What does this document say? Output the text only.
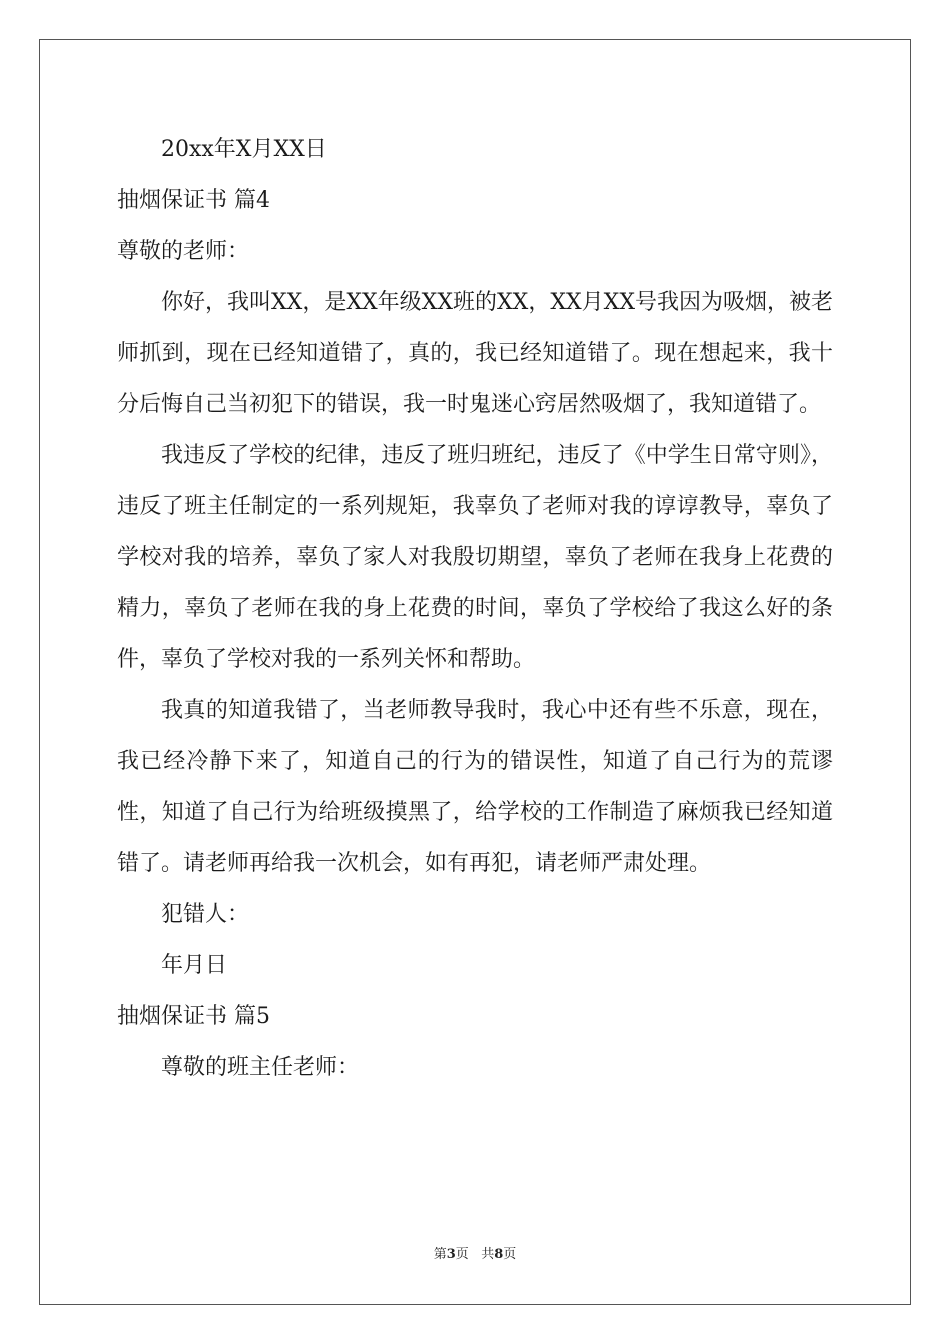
20xx年X月XX日
抽烟保证书 篇4
尊敬的老师：

你好，我叫XX，是XX年级XX班的XX，XX月XX号我因为吸烟，被老师抓到，现在已经知道错了，真的，我已经知道错了。现在想起来，我十分后悔自己当初犯下的错误，我一时鬼迷心窍居然吸烟了，我知道错了。

我违反了学校的纪律，违反了班归班纪，违反了《中学生日常守则》，违反了班主任制定的一系列规矩，我辜负了老师对我的谆谆教导，辜负了学校对我的培养，辜负了家人对我殷切期望，辜负了老师在我身上花费的精力，辜负了老师在我的身上花费的时间，辜负了学校给了我这么好的条件，辜负了学校对我的一系列关怀和帮助。

我真的知道我错了，当老师教导我时，我心中还有些不乐意，现在，我已经冷静下来了，知道自己的行为的错误性，知道了自己行为的荒谬性，知道了自己行为给班级摸黑了，给学校的工作制造了麻烦我已经知道错了。请老师再给我一次机会，如有再犯，请老师严肃处理。

犯错人：
年月日
抽烟保证书 篇5
尊敬的班主任老师：
第3页 共8页
